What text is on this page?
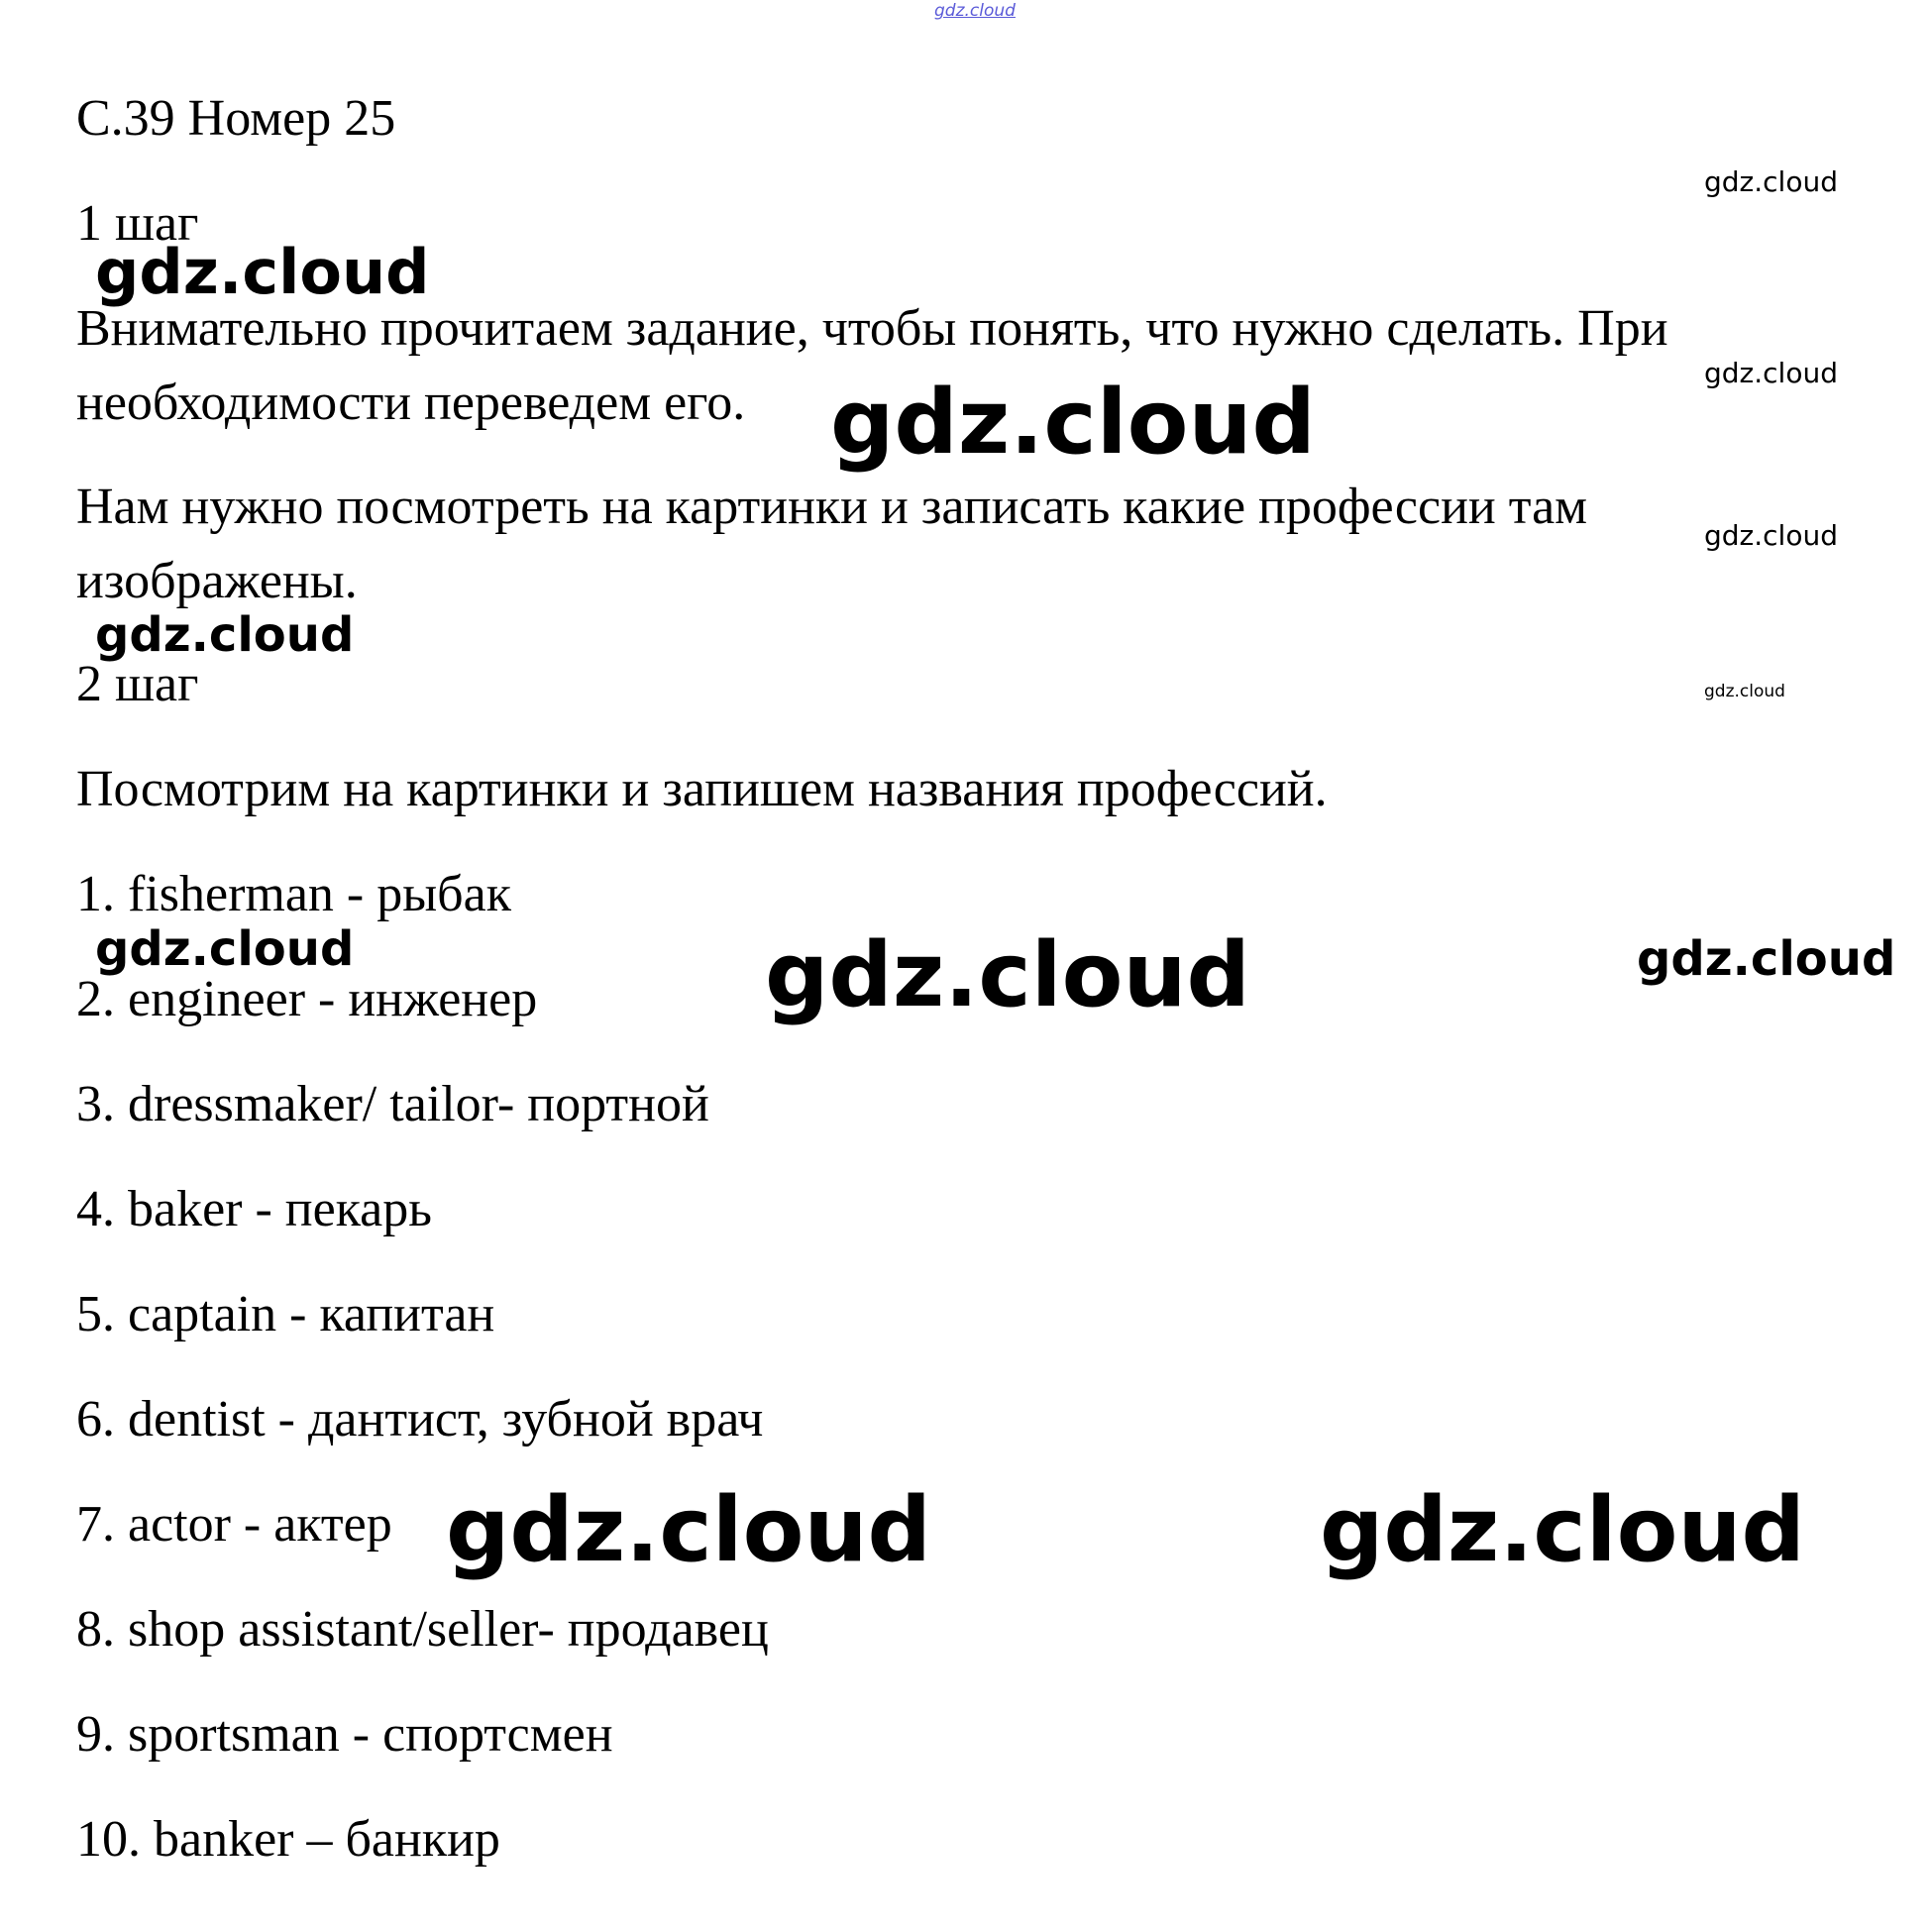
gdz.cloud
С.39 Номер 25
1 шаг
Внимательно прочитаем задание, чтобы понять, что нужно сделать. При
необходимости переведем его.
Нам нужно посмотреть на картинки и записать какие профессии там
изображены.
2 шаг
Посмотрим на картинки и запишем названия профессий.
1. fisherman - рыбак
2. engineer - инженер
3. dressmaker/ tailor- портной
4. baker - пекарь
5. captain - капитан
6. dentist - дантист, зубной врач
7. actor - актер
8. shop assistant/seller- продавец
9. sportsman - спортсмен
10. banker – банкир
gdz.cloud
gdz.cloud
gdz.cloud
gdz.cloud
gdz.cloud
gdz.cloud
gdz.cloud
gdz.cloud	gdz.cloud	gdz.cloud
gdz.cloud	gdz.cloud
